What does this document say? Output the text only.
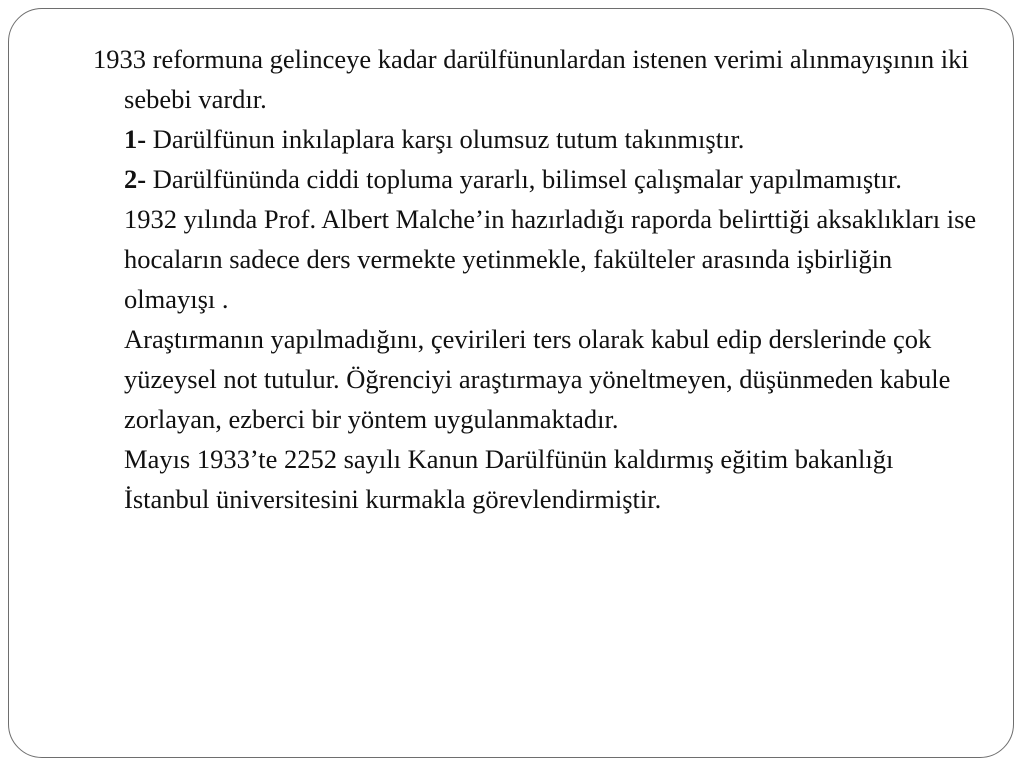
1933 reformuna gelinceye kadar darülfünunlardan istenen verimi alınmayışının iki sebebi vardır.

1- Darülfünun inkılaplara karşı olumsuz tutum takınmıştır.

2- Darülfününda ciddi topluma yararlı, bilimsel çalışmalar yapılmamıştır.

1932 yılında Prof. Albert Malche’in hazırladığı raporda belirttiği aksaklıkları ise hocaların sadece ders vermekte yetinmekle, fakülteler arasında işbirliğin olmayışı .

Araştırmanın yapılmadığını, çevirileri ters olarak kabul edip derslerinde çok yüzeysel not tutulur. Öğrenciyi araştırmaya yöneltmeyen, düşünmeden kabule zorlayan, ezberci bir yöntem uygulanmaktadır.

Mayıs 1933’te 2252 sayılı Kanun Darülfünün kaldırmış eğitim bakanlığı İstanbul üniversitesini kurmakla görevlendirmiştir.
